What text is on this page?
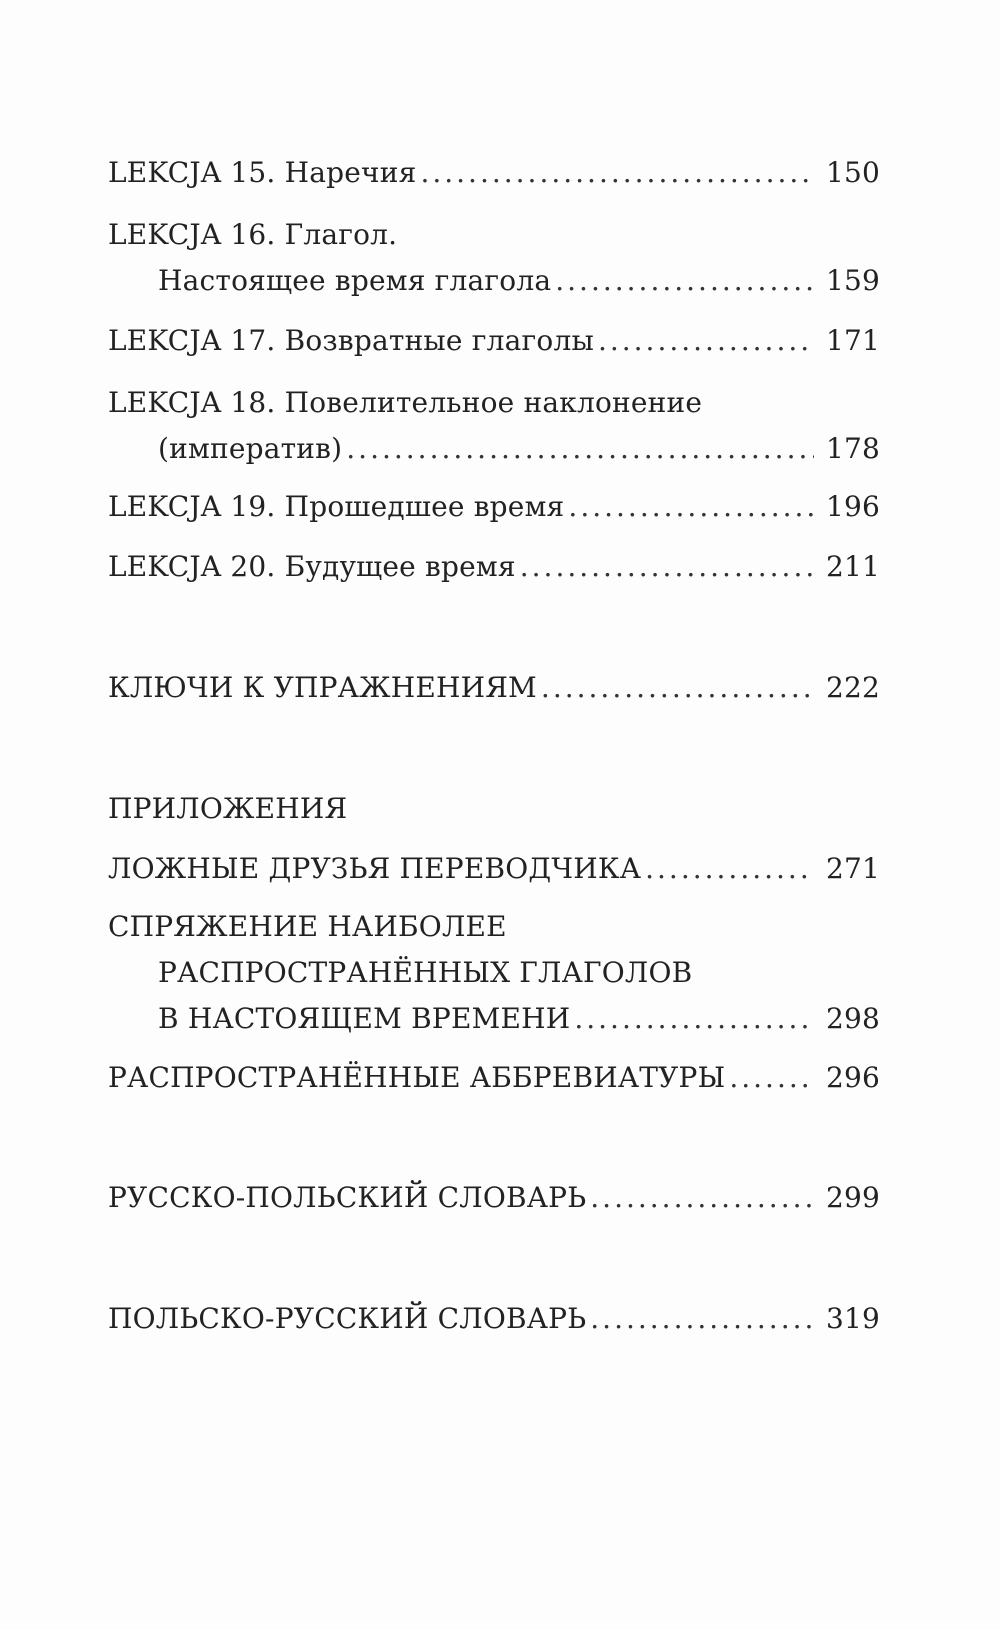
LEKCJA 15. Наречия .....	150
LEKCJA 16. Глагол.
Настоящее время глагола .....	159
LEKCJA 17. Возвратные глаголы .....	171
LEKCJA 18. Повелительное наклонение
(императив) .....	178
LEKCJA 19. Прошедшее время .....	196
LEKCJA 20. Будущее время .....	211
КЛЮЧИ К УПРАЖНЕНИЯМ .....	222
ПРИЛОЖЕНИЯ
ЛОЖНЫЕ ДРУЗЬЯ ПЕРЕВОДЧИКА .....	271
СПРЯЖЕНИЕ НАИБОЛЕЕ
РАСПРОСТРАНЁННЫХ ГЛАГОЛОВ
В НАСТОЯЩЕМ ВРЕМЕНИ .....	298
РАСПРОСТРАНЁННЫЕ АББРЕВИАТУРЫ .....	296
РУССКО-ПОЛЬСКИЙ СЛОВАРЬ .....	299
ПОЛЬСКО-РУССКИЙ СЛОВАРЬ .....	319
